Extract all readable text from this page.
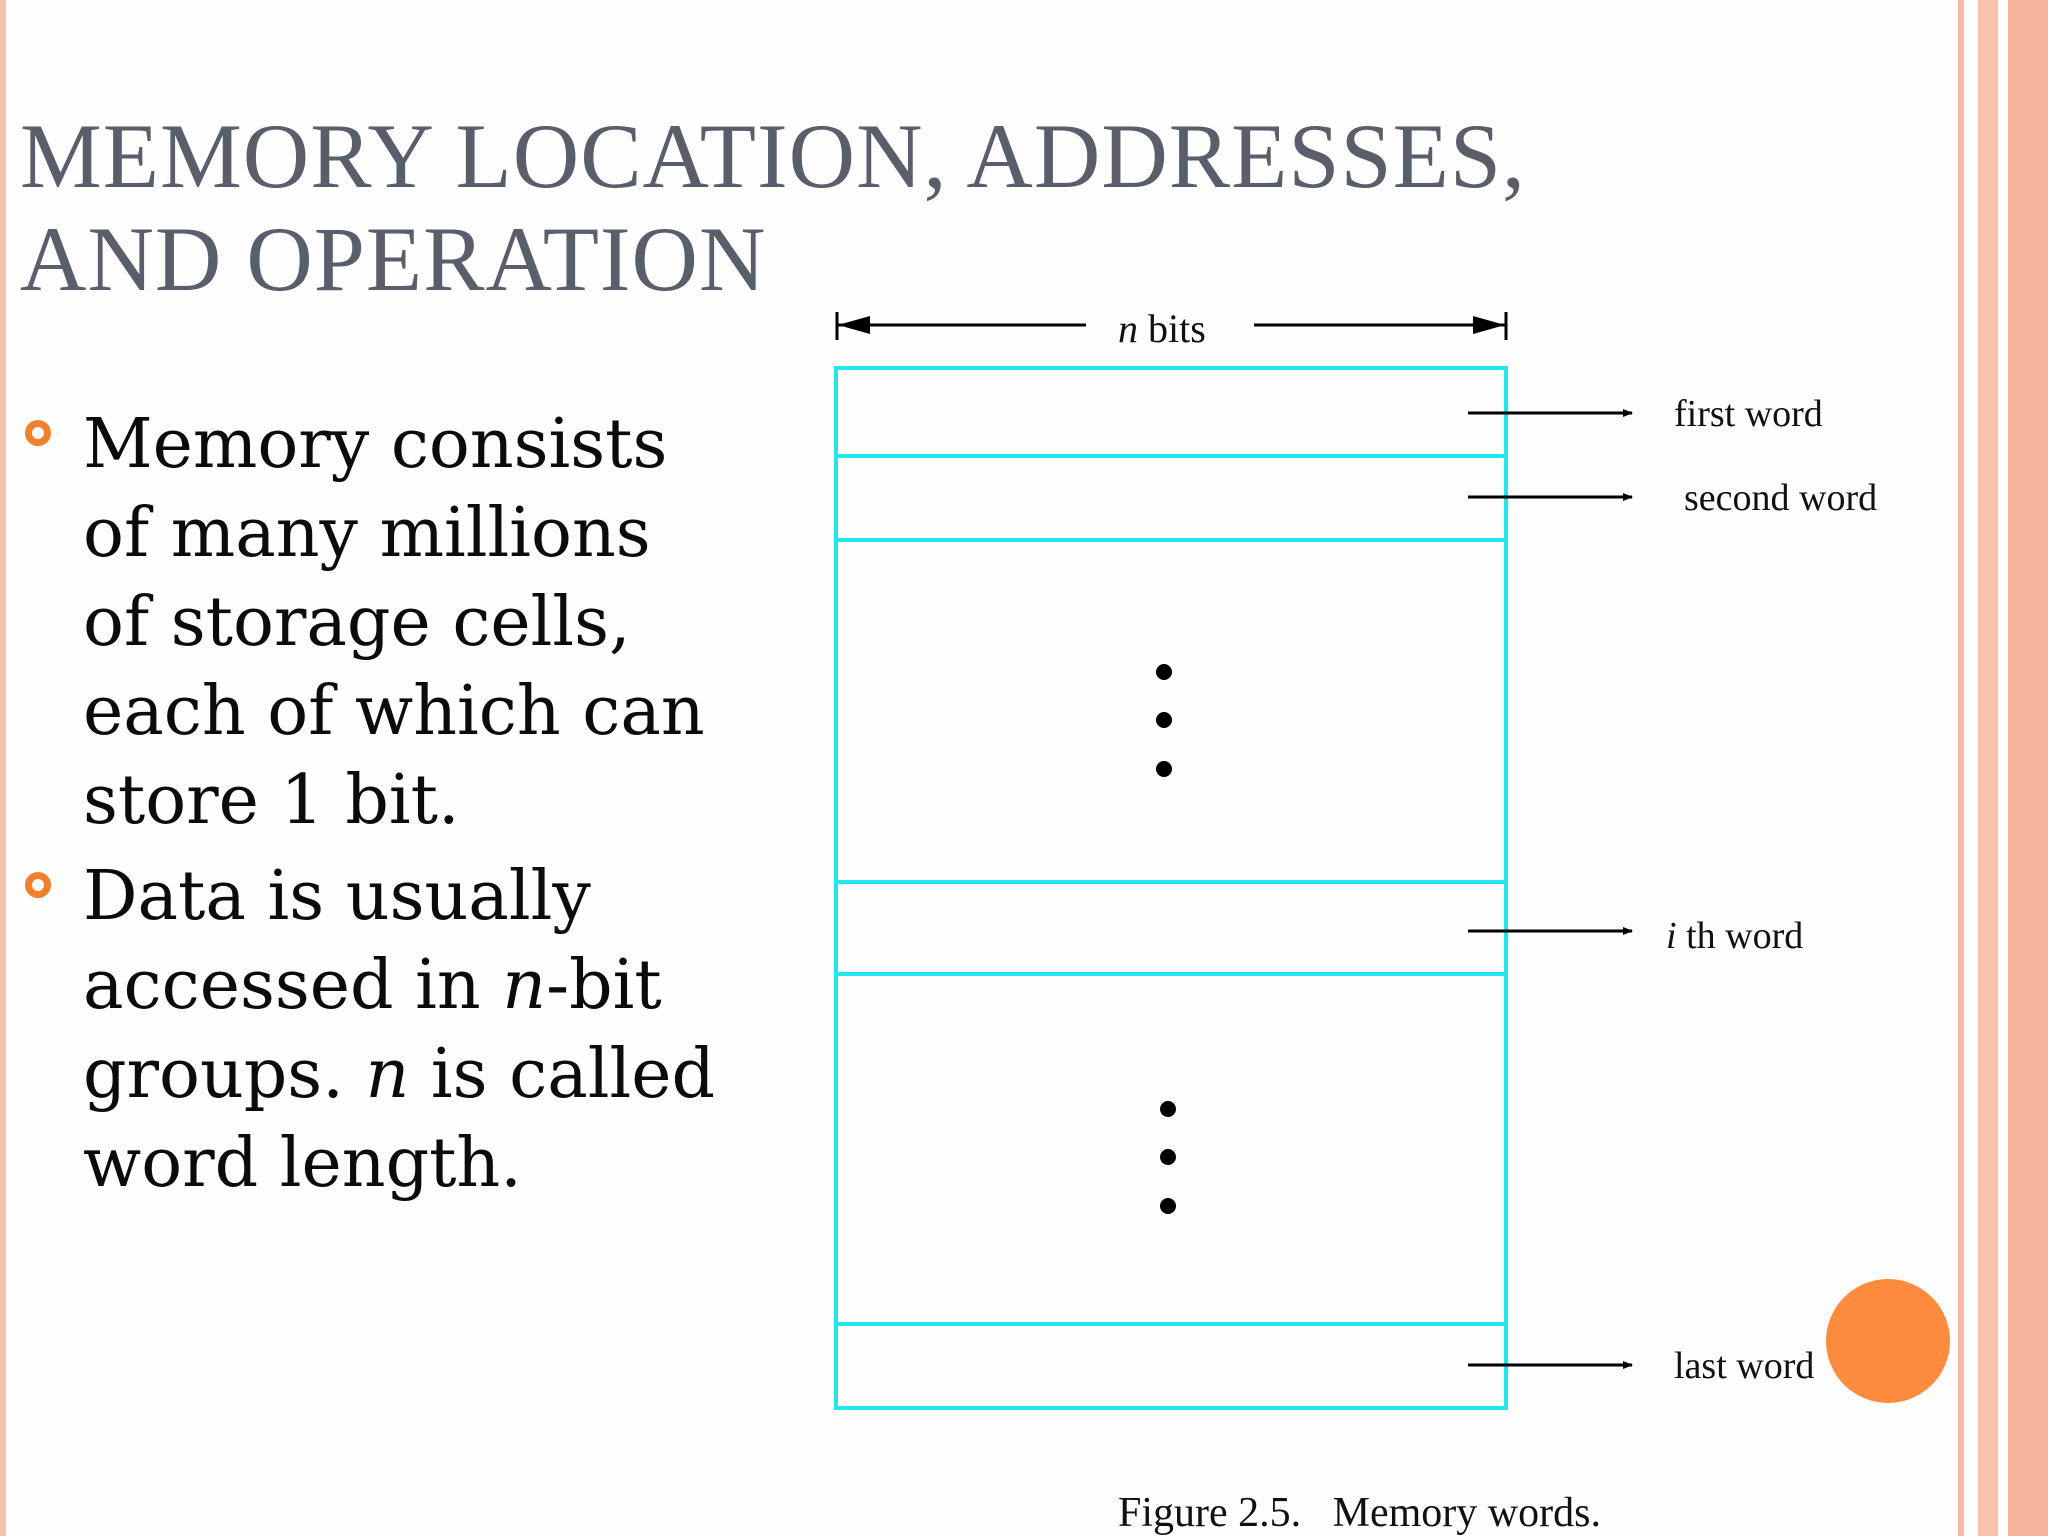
MEMORY LOCATION, ADDRESSES,
AND OPERATION
Memory consists
of many millions
of storage cells,
each of which can
store 1 bit.
Data is usually
accessed in n-bit
groups. n is called
word length.
n bits
first word
second word
i th word
last word
Figure 2.5.   Memory words.
